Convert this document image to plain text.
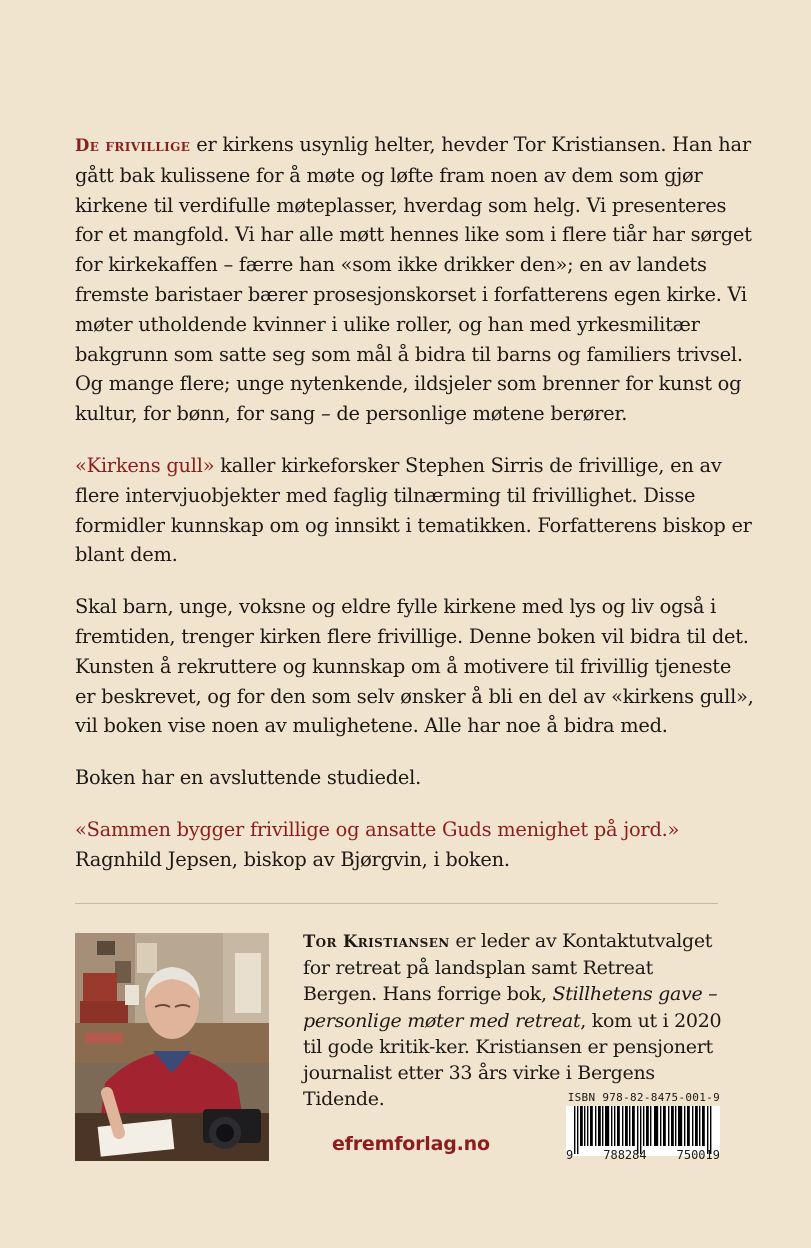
De frivillige er kirkens usynlig helter, hevder Tor Kristiansen. Han har gått bak kulissene for å møte og løfte fram noen av dem som gjør kirkene til verdifulle møteplasser, hverdag som helg. Vi presenteres for et mangfold. Vi har alle møtt hennes like som i flere tiår har sørget for kirkekaffen – færre han «som ikke drikker den»; en av landets fremste baristaer bærer prosesjonskorset i forfatterens egen kirke. Vi møter utholdende kvinner i ulike roller, og han med yrkesmilitær bakgrunn som satte seg som mål å bidra til barns og familiers trivsel. Og mange flere; unge nytenkende, ildsjeler som brenner for kunst og kultur, for bønn, for sang – de personlige møtene berører.

«Kirkens gull» kaller kirkeforsker Stephen Sirris de frivillige, en av flere intervjuobjekter med faglig tilnærming til frivillighet. Disse formidler kunnskap om og innsikt i tematikken. Forfatterens biskop er blant dem.

Skal barn, unge, voksne og eldre fylle kirkene med lys og liv også i fremtiden, trenger kirken flere frivillige. Denne boken vil bidra til det. Kunsten å rekruttere og kunnskap om å motivere til frivillig tjeneste er beskrevet, og for den som selv ønsker å bli en del av «kirkens gull», vil boken vise noen av mulighetene. Alle har noe å bidra med.

Boken har en avsluttende studiedel.

«Sammen bygger frivillige og ansatte Guds menighet på jord.»
Ragnhild Jepsen, biskop av Bjørgvin, i boken.

Tor Kristiansen er leder av Kontaktutvalget for retreat på landsplan samt Retreat Bergen. Hans forrige bok, Stillhetens gave – personlige møter med retreat, kom ut i 2020 til gode kritik-ker. Kristiansen er pensjonert journalist etter 33 års virke i Bergens Tidende.	ISBN 978-82-8475-001-9
9	788284	750019
efremforlag.no
